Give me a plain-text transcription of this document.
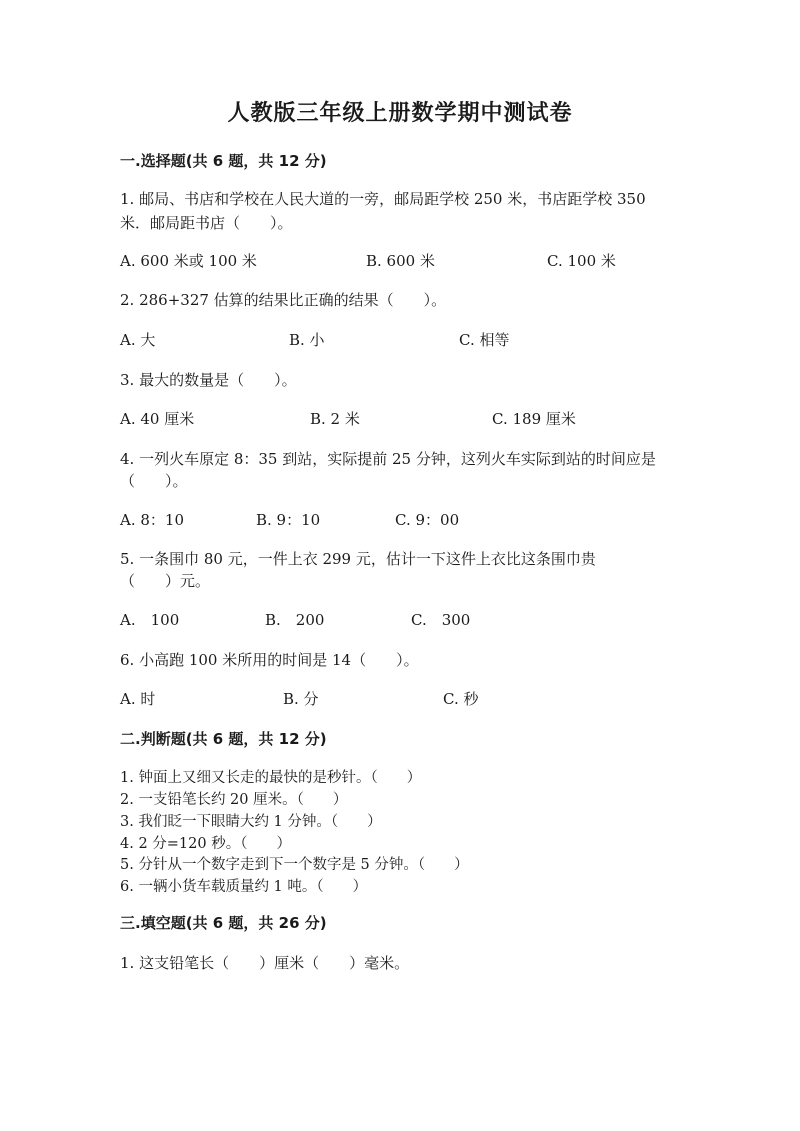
人教版三年级上册数学期中测试卷
一.选择题(共 6 题，共 12 分)
1. 邮局、书店和学校在人民大道的一旁，邮局距学校 250 米，书店距学校 350
米．邮局距书店（　　）。
A. 600 米或 100 米	B. 600 米	C. 100 米
2. 286+327 估算的结果比正确的结果（　　）。
A. 大	B. 小	C. 相等
3. 最大的数量是（　　）。
A. 40 厘米	B. 2 米	C. 189 厘米
4. 一列火车原定 8：35 到站，实际提前 25 分钟，这列火车实际到站的时间应是
（　　）。
A. 8：10	B. 9：10	C. 9：00
5. 一条围巾 80 元，一件上衣 299 元，估计一下这件上衣比这条围巾贵
（　　）元。
A.　100	B.　200	C.　300
6. 小高跑 100 米所用的时间是 14（　　）。
A. 时	B. 分	C. 秒
二.判断题(共 6 题，共 12 分)
1. 钟面上又细又长走的最快的是秒针。（　　）
2. 一支铅笔长约 20 厘米。（　　）
3. 我们眨一下眼睛大约 1 分钟。（　　）
4. 2 分=120 秒。（　　）
5. 分针从一个数字走到下一个数字是 5 分钟。（　　）
6. 一辆小货车载质量约 1 吨。（　　）
三.填空题(共 6 题，共 26 分)
1. 这支铅笔长（　　）厘米（　　）毫米。
